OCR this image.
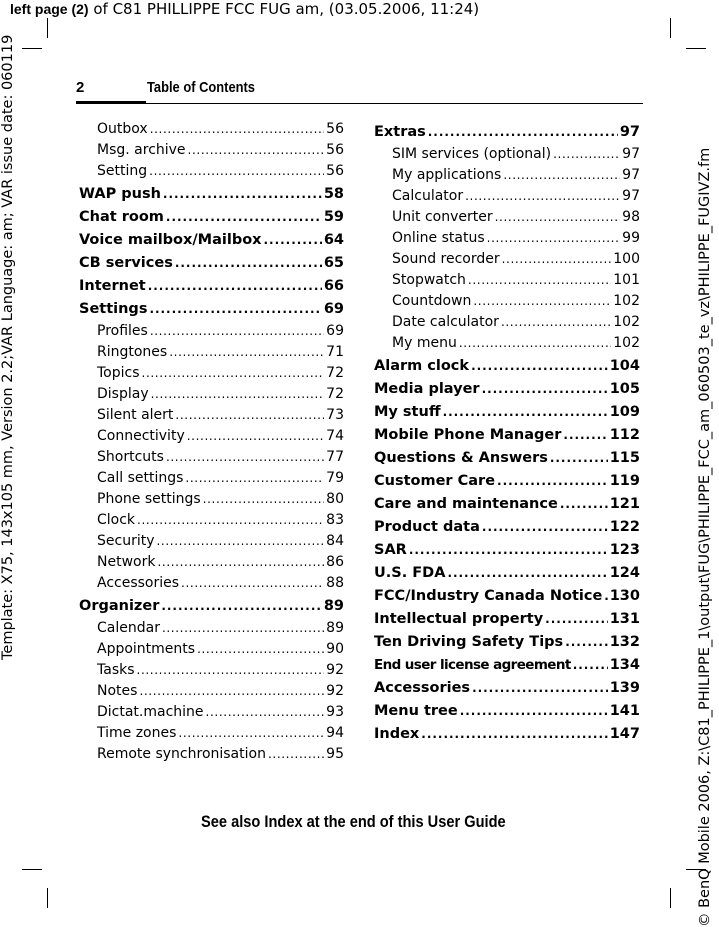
left page (2) of C81 PHILLIPPE FCC FUG am, (03.05.2006, 11:24)
Template: X75, 143x105 mm, Version 2.2;VAR Language: am; VAR issue date: 060119	© BenQ Mobile 2006, Z:\C81_PHILIPPE_1\output\FUG\PHILIPPE_FCC_am_060503_te_vz\PHILIPPE_FUGIVZ.fm
2	Table of Contents
Outbox . . .	56
Msg. archive . . .	56
Setting . . .	56
WAP push . . .	58
Chat room . . .	59
Voice mailbox/Mailbox . . .	64
CB services . . .	65
Internet . . .	66
Settings . . .	69
Profiles . . .	69
Ringtones . . .	71
Topics . . .	72
Display . . .	72
Silent alert . . .	73
Connectivity . . .	74
Shortcuts . . .	77
Call settings . . .	79
Phone settings . . .	80
Clock . . .	83
Security . . .	84
Network . . .	86
Accessories . . .	88
Organizer . . .	89
Calendar . . .	89
Appointments . . .	90
Tasks . . .	92
Notes . . .	92
Dictat.machine . . .	93
Time zones . . .	94
Remote synchronisation . . .	95
Extras . . .	97
SIM services (optional) . . .	97
My applications . . .	97
Calculator . . .	97
Unit converter . . .	98
Online status . . .	99
Sound recorder . . .	100
Stopwatch . . .	101
Countdown . . .	102
Date calculator . . .	102
My menu . . .	102
Alarm clock . . .	104
Media player . . .	105
My stuff . . .	109
Mobile Phone Manager . . .	112
Questions & Answers . . .	115
Customer Care . . .	119
Care and maintenance . . .	121
Product data . . .	122
SAR . . .	123
U.S. FDA . . .	124
FCC/Industry Canada Notice . . . 130
Intellectual property . . .	131
Ten Driving Safety Tips . . .	132
End user license agreement . . .	134
Accessories . . .	139
Menu tree . . .	141
Index . . .	147
See also Index at the end of this User Guide
